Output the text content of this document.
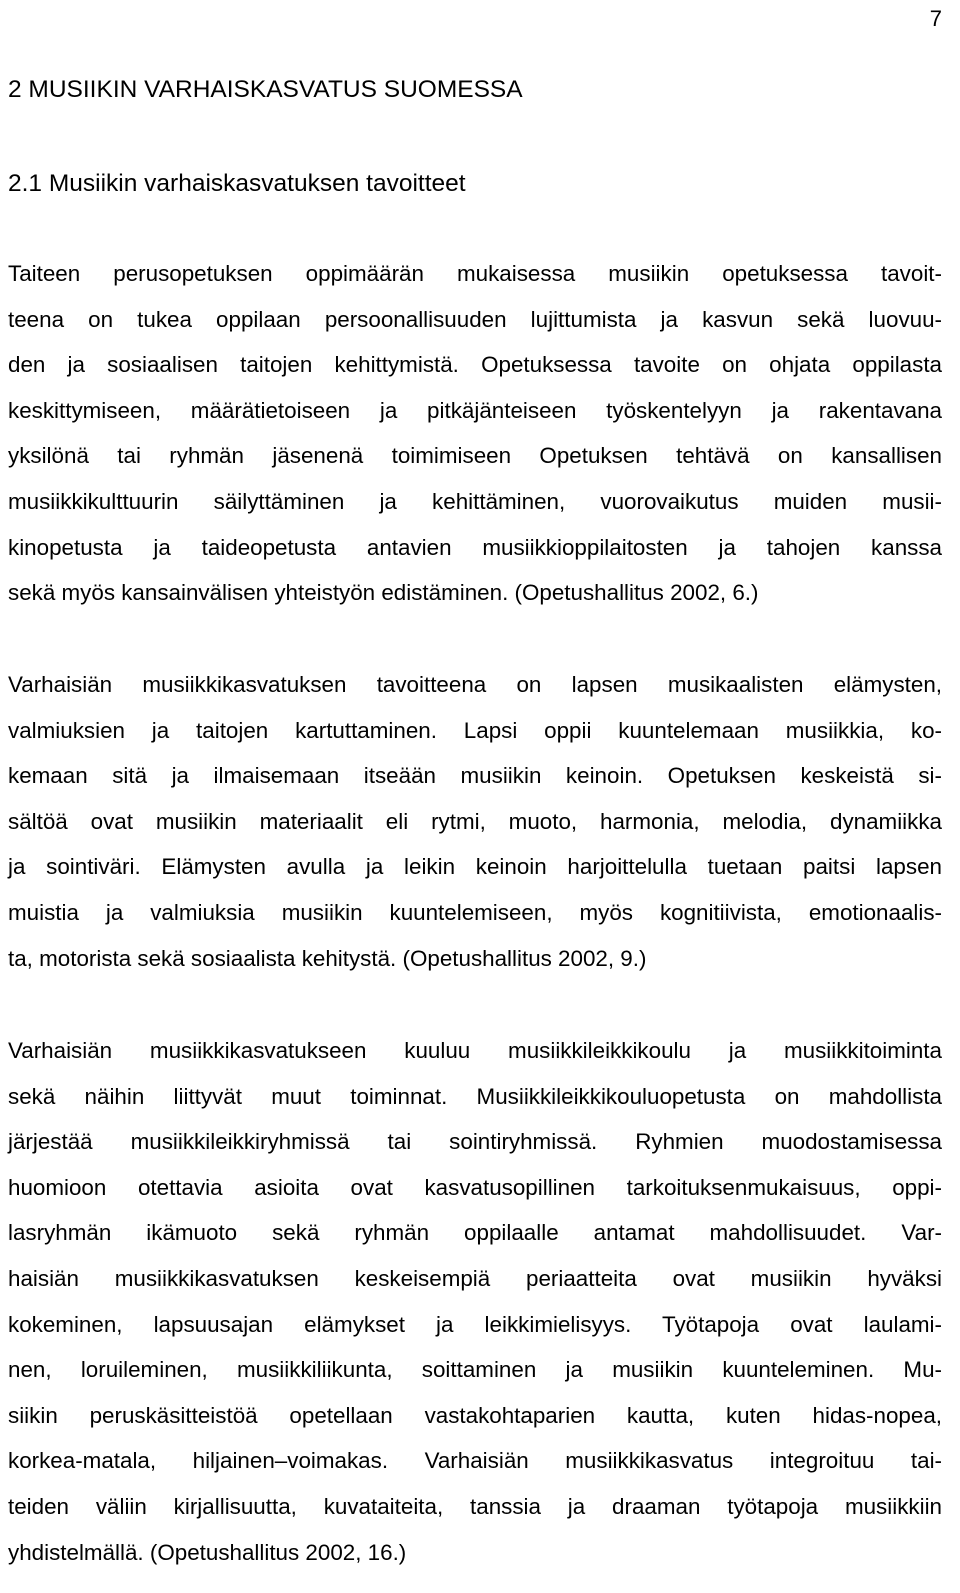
7
2 MUSIIKIN VARHAISKASVATUS SUOMESSA
2.1 Musiikin varhaiskasvatuksen tavoitteet
Taiteen perusopetuksen oppimäärän mukaisessa musiikin opetuksessa tavoit-
teena on tukea oppilaan persoonallisuuden lujittumista ja kasvun sekä luovuu-
den ja sosiaalisen taitojen kehittymistä. Opetuksessa tavoite on ohjata oppilasta
keskittymiseen, määrätietoiseen ja pitkäjänteiseen työskentelyyn ja rakentavana
yksilönä tai ryhmän jäsenenä toimimiseen Opetuksen tehtävä on kansallisen
musiikkikulttuurin säilyttäminen ja kehittäminen, vuorovaikutus muiden musii-
kinopetusta ja taideopetusta antavien musiikkioppilaitosten ja tahojen kanssa
sekä myös kansainvälisen yhteistyön edistäminen. (Opetushallitus 2002, 6.)
Varhaisiän musiikkikasvatuksen tavoitteena on lapsen musikaalisten elämysten,
valmiuksien ja taitojen kartuttaminen. Lapsi oppii kuuntelemaan musiikkia, ko-
kemaan sitä ja ilmaisemaan itseään musiikin keinoin. Opetuksen keskeistä si-
sältöä ovat musiikin materiaalit eli rytmi, muoto, harmonia, melodia, dynamiikka
ja sointiväri. Elämysten avulla ja leikin keinoin harjoittelulla tuetaan paitsi lapsen
muistia ja valmiuksia musiikin kuuntelemiseen, myös kognitiivista, emotionaalis-
ta, motorista sekä sosiaalista kehitystä. (Opetushallitus 2002, 9.)
Varhaisiän musiikkikasvatukseen kuuluu musiikkileikkikoulu ja musiikkitoiminta
sekä näihin liittyvät muut toiminnat. Musiikkileikkikouluopetusta on mahdollista
järjestää musiikkileikkiryhmissä tai sointiryhmissä. Ryhmien muodostamisessa
huomioon otettavia asioita ovat kasvatusopillinen tarkoituksenmukaisuus, oppi-
lasryhmän ikämuoto sekä ryhmän oppilaalle antamat mahdollisuudet. Var-
haisiän musiikkikasvatuksen keskeisempiä periaatteita ovat musiikin hyväksi
kokeminen, lapsuusajan elämykset ja leikkimielisyys. Työtapoja ovat laulami-
nen, loruileminen, musiikkiliikunta, soittaminen ja musiikin kuunteleminen. Mu-
siikin peruskäsitteistöä opetellaan vastakohtaparien kautta, kuten hidas-nopea,
korkea-matala, hiljainen–voimakas. Varhaisiän musiikkikasvatus integroituu tai-
teiden väliin kirjallisuutta, kuvataiteita, tanssia ja draaman työtapoja musiikkiin
yhdistelmällä. (Opetushallitus 2002, 16.)
